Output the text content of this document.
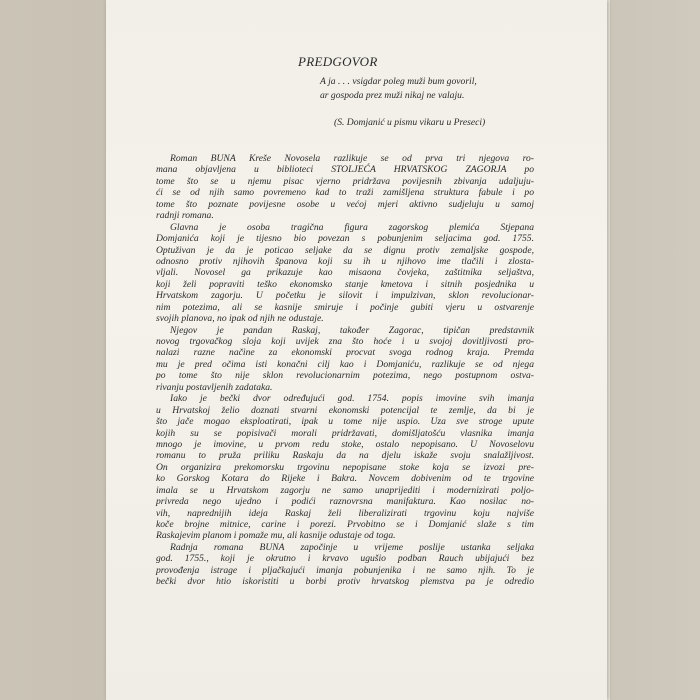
PREDGOVOR
A ja . . . vsigdar poleg muži bum govoril,
ar gospoda prez muži nikaj ne valaju.
(S. Domjanić u pismu vikaru u Preseci)

Roman BUNA Kreše Novosela razlikuje se od prva tri njegova ro-
mana objavljena u biblioteci STOLJEĆA HRVATSKOG ZAGORJA po
tome što se u njemu pisac vjerno pridržava povijesnih zbivanja udaljuju-
ći se od njih samo povremeno kad to traži zamišljena struktura fabule i po
tome što poznate povijesne osobe u većoj mjeri aktivno sudjeluju u samoj
radnji romana.

Glavna je osoba tragična figura zagorskog plemića Stjepana
Domjanića koji je tijesno bio povezan s pobunjenim seljacima god. 1755.
Optuživan je da je poticao seljake da se dignu protiv zemaljske gospode,
odnosno protiv njihovih španova koji su ih u njihovo ime tlačili i zlosta-
vljali. Novosel ga prikazuje kao misaona čovjeka, zaštitnika seljaštva,
koji želi popraviti teško ekonomsko stanje kmetova i sitnih posjednika u
Hrvatskom zagorju. U početku je silovit i impulzivan, sklon revolucionar-
nim potezima, ali se kasnije smiruje i počinje gubiti vjeru u ostvarenje
svojih planova, no ipak od njih ne odustaje.

Njegov je pandan Raskaj, također Zagorac, tipičan predstavnik
novog trgovačkog sloja koji uvijek zna što hoće i u svojoj dovitljivosti pro-
nalazi razne načine za ekonomski procvat svoga rodnog kraja. Premda
mu je pred očima isti konačni cilj kao i Domjaniću, razlikuje se od njega
po tome što nije sklon revolucionarnim potezima, nego postupnom ostva-
rivanju postavljenih zadataka.

Iako je bečki dvor određujući god. 1754. popis imovine svih imanja
u Hrvatskoj želio doznati stvarni ekonomski potencijal te zemlje, da bi je
što jače mogao eksploatirati, ipak u tome nije uspio. Uza sve stroge upute
kojih su se popisivači morali pridržavati, domišljatošću vlasnika imanja
mnogo je imovine, u prvom redu stoke, ostalo nepopisano. U Novoselovu
romanu to pruža priliku Raskaju da na djelu iskaže svoju snalažljivost.
On organizira prekomorsku trgovinu nepopisane stoke koja se izvozi pre-
ko Gorskog Kotara do Rijeke i Bakra. Novcem dobivenim od te trgovine
imala se u Hrvatskom zagorju ne samo unaprijediti i modernizirati poljo-
privreda nego ujedno i podići raznovrsna manifaktura. Kao nosilac no-
vih, naprednijih ideja Raskaj želi liberalizirati trgovinu koju najviše
koče brojne mitnice, carine i porezi. Prvobitno se i Domjanić slaže s tim
Raskajevim planom i pomaže mu, ali kasnije odustaje od toga.

Radnja romana BUNA započinje u vrijeme poslije ustanka seljaka
god. 1755., koji je okrutno i krvavo ugušio podban Rauch ubijajući bez
provođenja istrage i pljačkajući imanja pobunjenika i ne samo njih. To je
bečki dvor htio iskoristiti u borbi protiv hrvatskog plemstva pa je odredio
